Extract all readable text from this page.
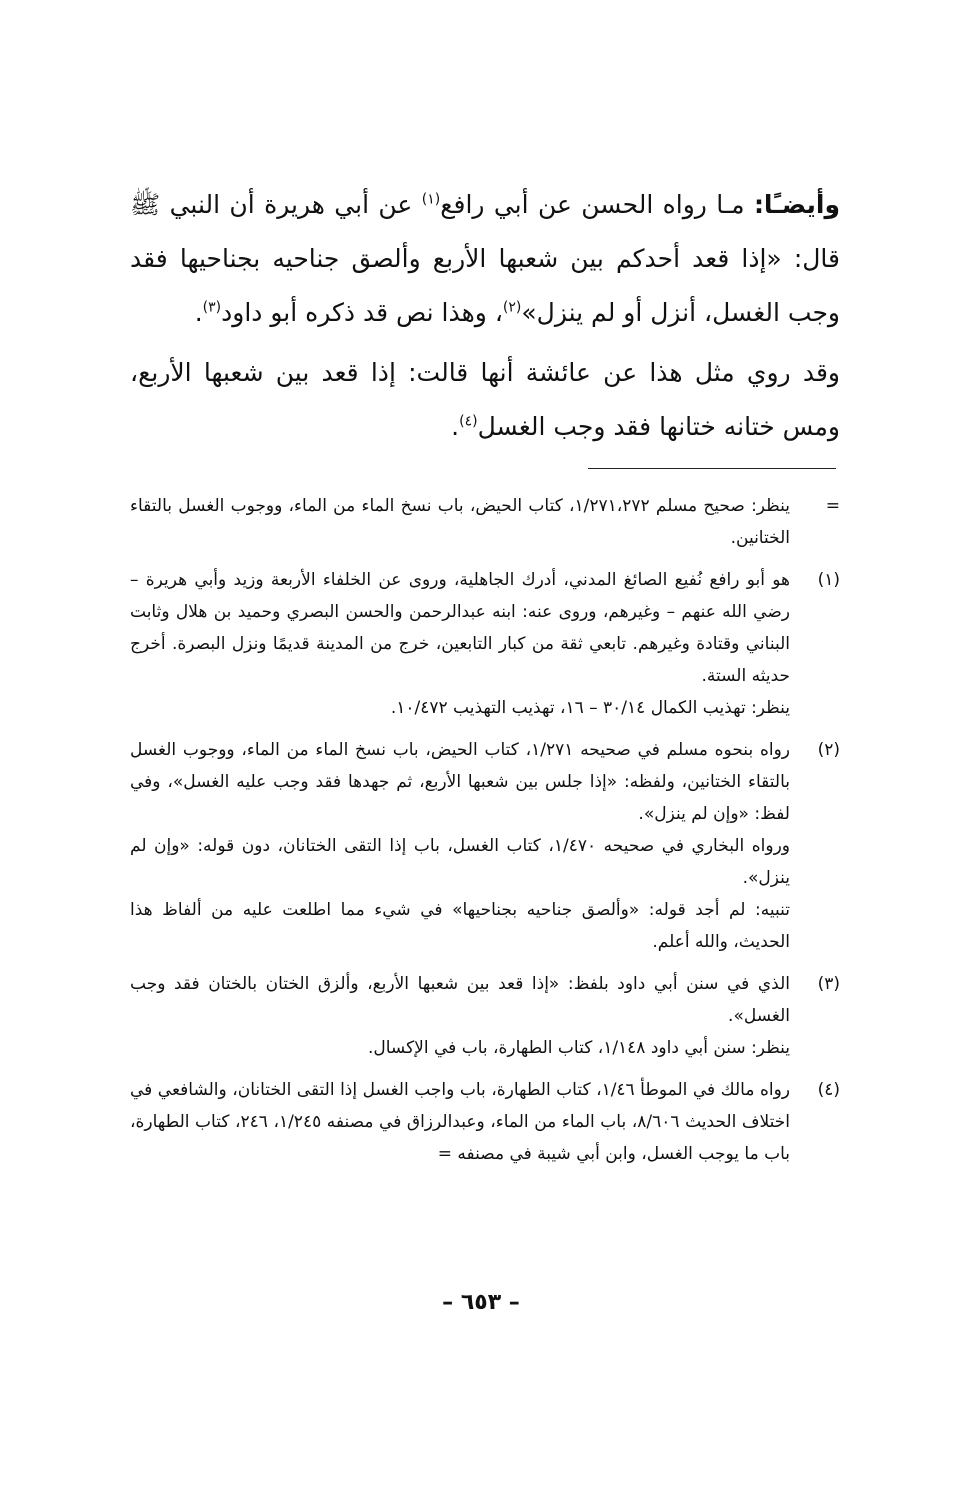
وأيضـًا: مـا رواه الحسن عن أبي رافع$^{(١)}$ عن أبي هريرة أن النبي ﷺ قال: «إذا قعد أحدكم بين شعبها الأربع وألصق جناحيه بجناحيها فقد وجب الغسل، أنزل أو لم ينزل»$^{(٢)}$، وهذا نص قد ذكره أبو داود$^{(٣)}$.

وقد روي مثل هذا عن عائشة أنها قالت: إذا قعد بين شعبها الأربع، ومس ختانه ختانها فقد وجب الغسل$^{(٤)}$.

=
ينظر: صحيح مسلم ١/٢٧١،٢٧٢، كتاب الحيض، باب نسخ الماء من الماء، ووجوب الغسل بالتقاء الختانين.
(١)
هو أبو رافع نُفيع الصائغ المدني، أدرك الجاهلية، وروى عن الخلفاء الأربعة وزيد وأبي هريرة – رضي الله عنهم – وغيرهم، وروى عنه: ابنه عبدالرحمن والحسن البصري وحميد بن هلال وثابت البناني وقتادة وغيرهم. تابعي ثقة من كبار التابعين، خرج من المدينة قديمًا ونزل البصرة. أخرج حديثه الستة.
ينظر: تهذيب الكمال ٣٠/١٤ – ١٦، تهذيب التهذيب ١٠/٤٧٢.
(٢)
رواه بنحوه مسلم في صحيحه ١/٢٧١، كتاب الحيض، باب نسخ الماء من الماء، ووجوب الغسل بالتقاء الختانين، ولفظه: «إذا جلس بين شعبها الأربع، ثم جهدها فقد وجب عليه الغسل»، وفي لفظ: «وإن لم ينزل».
ورواه البخاري في صحيحه ١/٤٧٠، كتاب الغسل، باب إذا التقى الختانان، دون قوله: «وإن لم ينزل».
تنبيه: لم أجد قوله: «وألصق جناحيه بجناحيها» في شيء مما اطلعت عليه من ألفاظ هذا الحديث، والله أعلم.
(٣)
الذي في سنن أبي داود بلفظ: «إذا قعد بين شعبها الأربع، وألزق الختان بالختان فقد وجب الغسل».
ينظر: سنن أبي داود ١/١٤٨، كتاب الطهارة، باب في الإكسال.
(٤)
رواه مالك في الموطأ ١/٤٦، كتاب الطهارة، باب واجب الغسل إذا التقى الختانان، والشافعي في اختلاف الحديث ٨/٦٠٦، باب الماء من الماء، وعبدالرزاق في مصنفه ١/٢٤٥، ٢٤٦، كتاب الطهارة، باب ما يوجب الغسل، وابن أبي شيبة في مصنفه =
– ٦٥٣ –
